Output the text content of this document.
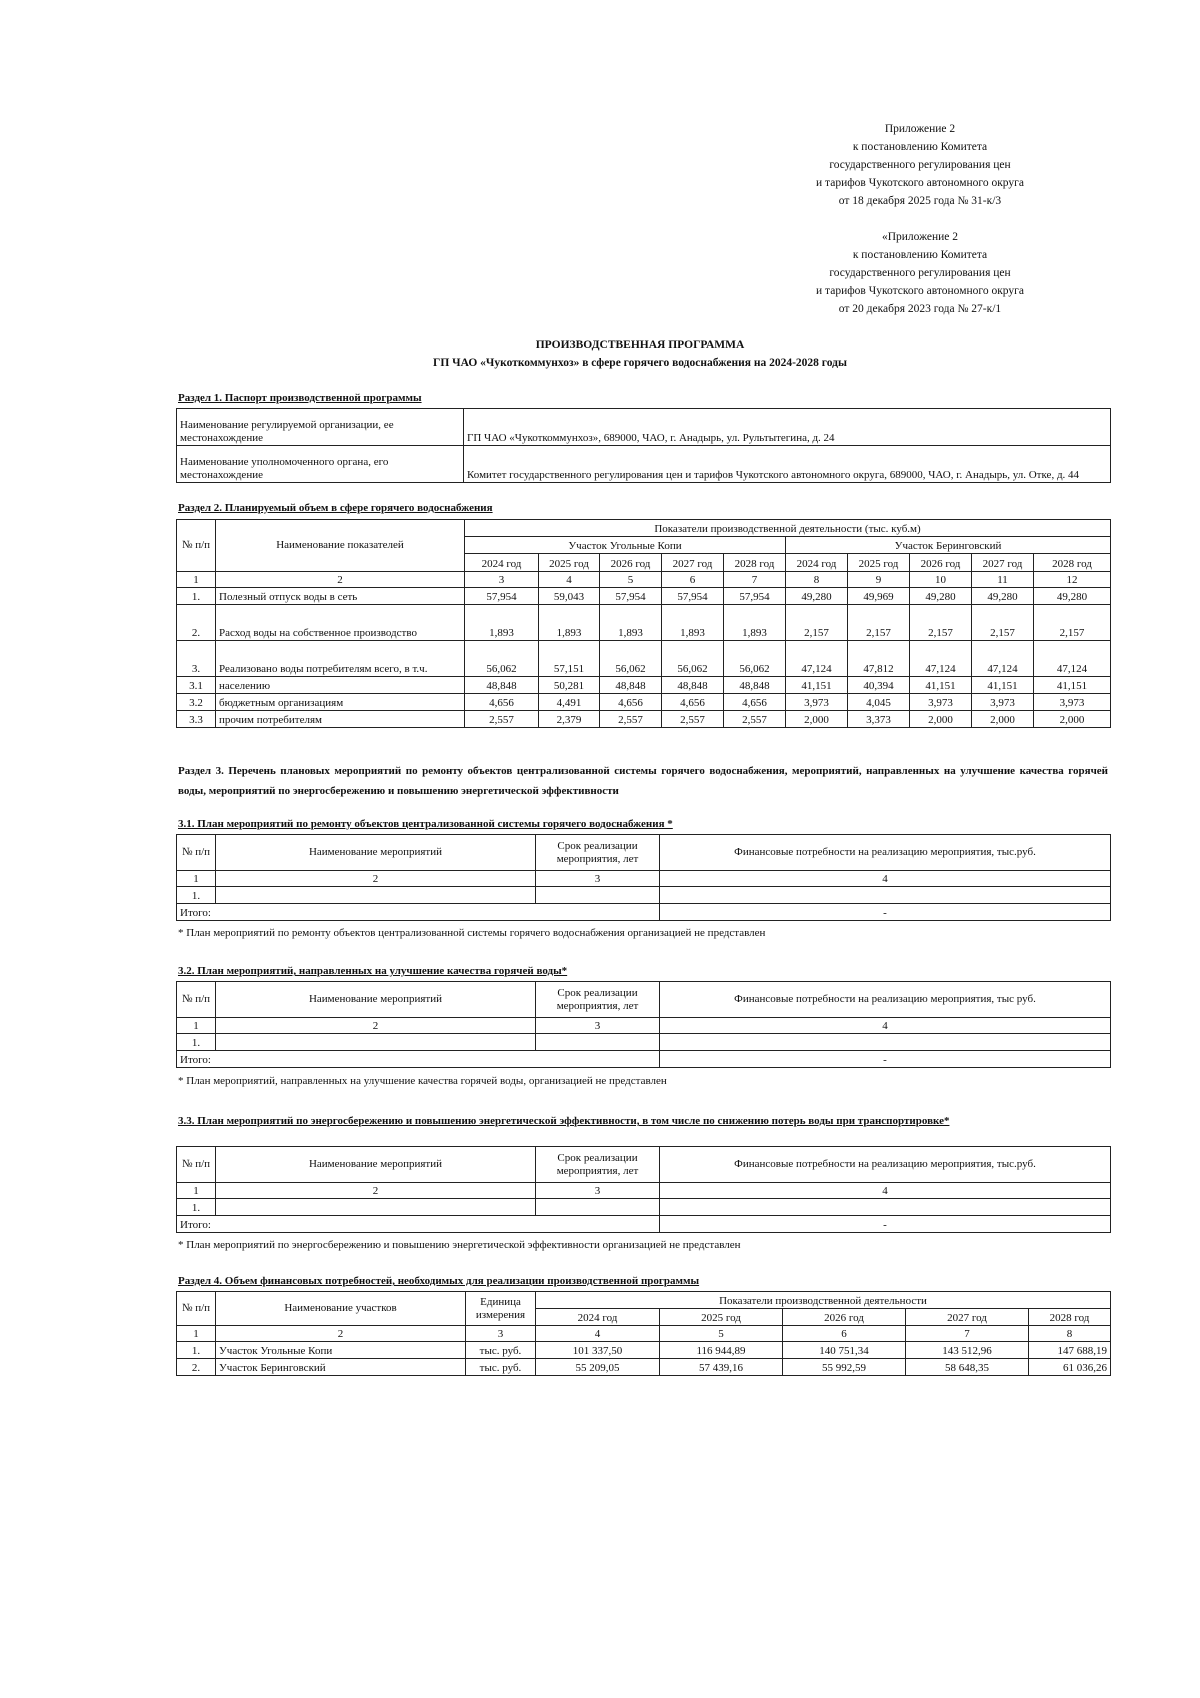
Приложение 2
к постановлению Комитета
государственного регулирования цен
и тарифов Чукотского автономного округа
от 18 декабря 2025 года № 31-к/3
«Приложение 2
к постановлению Комитета
государственного регулирования цен
и тарифов Чукотского автономного округа
от 20 декабря 2023 года № 27-к/1
ПРОИЗВОДСТВЕННАЯ ПРОГРАММА
ГП ЧАО «Чукоткоммунхоз» в сфере горячего водоснабжения на 2024-2028 годы
Раздел 1. Паспорт производственной программы
Наименование регулируемой организации, ее местонахождение	ГП ЧАО «Чукоткоммунхоз», 689000, ЧАО, г. Анадырь, ул. Рультытегина, д. 24
Наименование уполномоченного органа, его местонахождение	Комитет государственного регулирования цен и тарифов Чукотского автономного округа, 689000, ЧАО, г. Анадырь, ул. Отке, д. 44
Раздел 2. Планируемый объем в сфере горячего водоснабжения
№ п/п	Наименование показателей	Показатели производственной деятельности (тыс. куб.м)									
		Участок Угольные Копи					Участок Беринговский				
		2024 год	2025 год	2026 год	2027 год	2028 год	2024 год	2025 год	2026 год	2027 год	2028 год
1	2	3	4	5	6	7	8	9	10	11	12
1.	Полезный отпуск воды в сеть	57,954	59,043	57,954	57,954	57,954	49,280	49,969	49,280	49,280	49,280
2.	Расход воды на собственное производство	1,893	1,893	1,893	1,893	1,893	2,157	2,157	2,157	2,157	2,157
3.	Реализовано воды потребителям всего, в т.ч.	56,062	57,151	56,062	56,062	56,062	47,124	47,812	47,124	47,124	47,124
3.1	населению	48,848	50,281	48,848	48,848	48,848	41,151	40,394	41,151	41,151	41,151
3.2	бюджетным организациям	4,656	4,491	4,656	4,656	4,656	3,973	4,045	3,973	3,973	3,973
3.3	прочим потребителям	2,557	2,379	2,557	2,557	2,557	2,000	3,373	2,000	2,000	2,000
Раздел 3. Перечень плановых мероприятий по ремонту объектов централизованной системы горячего водоснабжения, мероприятий, направленных на улучшение качества горячей воды, мероприятий по энергосбережению и повышению энергетической эффективности
3.1. План мероприятий по ремонту объектов централизованной системы горячего водоснабжения *
№ п/п	Наименование мероприятий	Срок реализации мероприятия, лет	Финансовые потребности на реализацию мероприятия, тыс.руб.
1	2	3	4
1.			
Итого:			-
* План мероприятий по ремонту объектов централизованной системы горячего водоснабжения организацией не представлен
3.2. План мероприятий, направленных на улучшение качества горячей воды*
№ п/п	Наименование мероприятий	Срок реализации мероприятия, лет	Финансовые потребности на реализацию мероприятия, тыс руб.
1	2	3	4
1.			
Итого:			-
* План мероприятий, направленных на улучшение качества горячей воды, организацией не представлен
3.3. План мероприятий по энергосбережению и повышению энергетической эффективности, в том числе по снижению потерь воды при транспортировке*
№ п/п	Наименование мероприятий	Срок реализации мероприятия, лет	Финансовые потребности на реализацию мероприятия, тыс.руб.
1	2	3	4
1.			
Итого:			-
* План мероприятий по энергосбережению и повышению энергетической эффективности организацией не представлен
Раздел 4. Объем финансовых потребностей, необходимых для реализации производственной программы
№ п/п	Наименование участков	Единица измерения	Показатели производственной деятельности				
			2024 год	2025 год	2026 год	2027 год	2028 год
1	2	3	4	5	6	7	8
1.	Участок Угольные Копи	тыс. руб.	101 337,50	116 944,89	140 751,34	143 512,96	147 688,19
2.	Участок Беринговский	тыс. руб.	55 209,05	57 439,16	55 992,59	58 648,35	61 036,26
